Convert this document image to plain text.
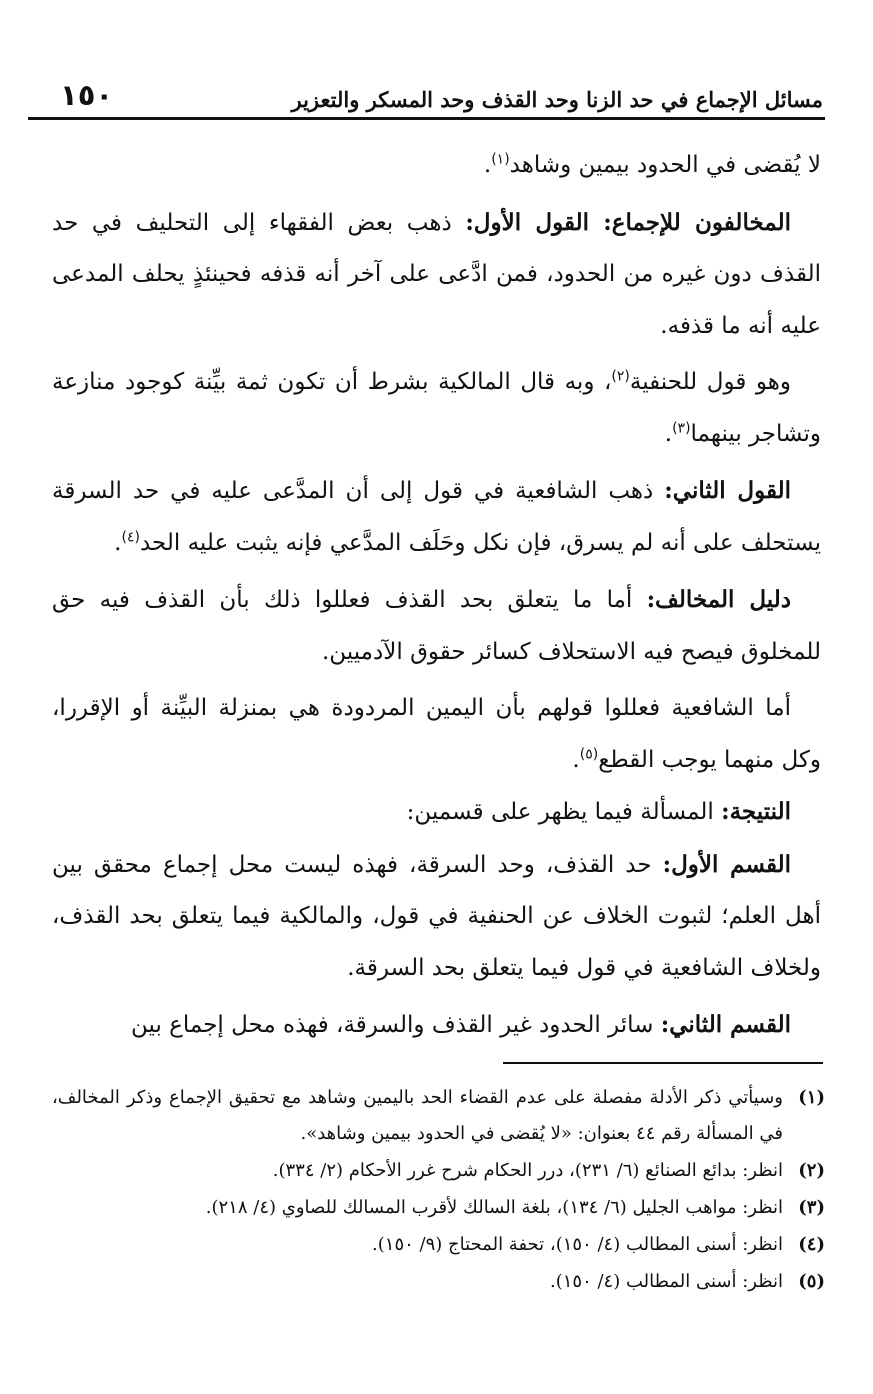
مسائل الإجماع في حد الزنا وحد القذف وحد المسكر والتعزير
١٥٠

لا يُقضى في الحدود بيمين وشاهد$^{(١)}$.

المخالفون للإجماع: القول الأول: ذهب بعض الفقهاء إلى التحليف في حد القذف دون غيره من الحدود، فمن ادَّعى على آخر أنه قذفه فحينئذٍ يحلف المدعى عليه أنه ما قذفه.

وهو قول للحنفية$^{(٢)}$، وبه قال المالكية بشرط أن تكون ثمة بيِّنة كوجود منازعة وتشاجر بينهما$^{(٣)}$.

القول الثاني: ذهب الشافعية في قول إلى أن المدَّعى عليه في حد السرقة يستحلف على أنه لم يسرق، فإن نكل وحَلَف المدَّعي فإنه يثبت عليه الحد$^{(٤)}$.

دليل المخالف: أما ما يتعلق بحد القذف فعللوا ذلك بأن القذف فيه حق للمخلوق فيصح فيه الاستحلاف كسائر حقوق الآدميين.

أما الشافعية فعللوا قولهم بأن اليمين المردودة هي بمنزلة البيِّنة أو الإقررا، وكل منهما يوجب القطع$^{(٥)}$.

النتيجة: المسألة فيما يظهر على قسمين:

القسم الأول: حد القذف، وحد السرقة، فهذه ليست محل إجماع محقق بين أهل العلم؛ لثبوت الخلاف عن الحنفية في قول، والمالكية فيما يتعلق بحد القذف، ولخلاف الشافعية في قول فيما يتعلق بحد السرقة.

القسم الثاني: سائر الحدود غير القذف والسرقة، فهذه محل إجماع بين

(١)
وسيأتي ذكر الأدلة مفصلة على عدم القضاء الحد باليمين وشاهد مع تحقيق الإجماع وذكر المخالف، في المسألة رقم ٤٤ بعنوان: «لا يُقضى في الحدود بيمين وشاهد».
(٢)
انظر: بدائع الصنائع (٦/ ٢٣١)، درر الحكام شرح غرر الأحكام (٢/ ٣٣٤).
(٣)
انظر: مواهب الجليل (٦/ ١٣٤)، بلغة السالك لأقرب المسالك للصاوي (٤/ ٢١٨).
(٤)
انظر: أسنى المطالب (٤/ ١٥٠)، تحفة المحتاج (٩/ ١٥٠).
(٥)
انظر: أسنى المطالب (٤/ ١٥٠).
